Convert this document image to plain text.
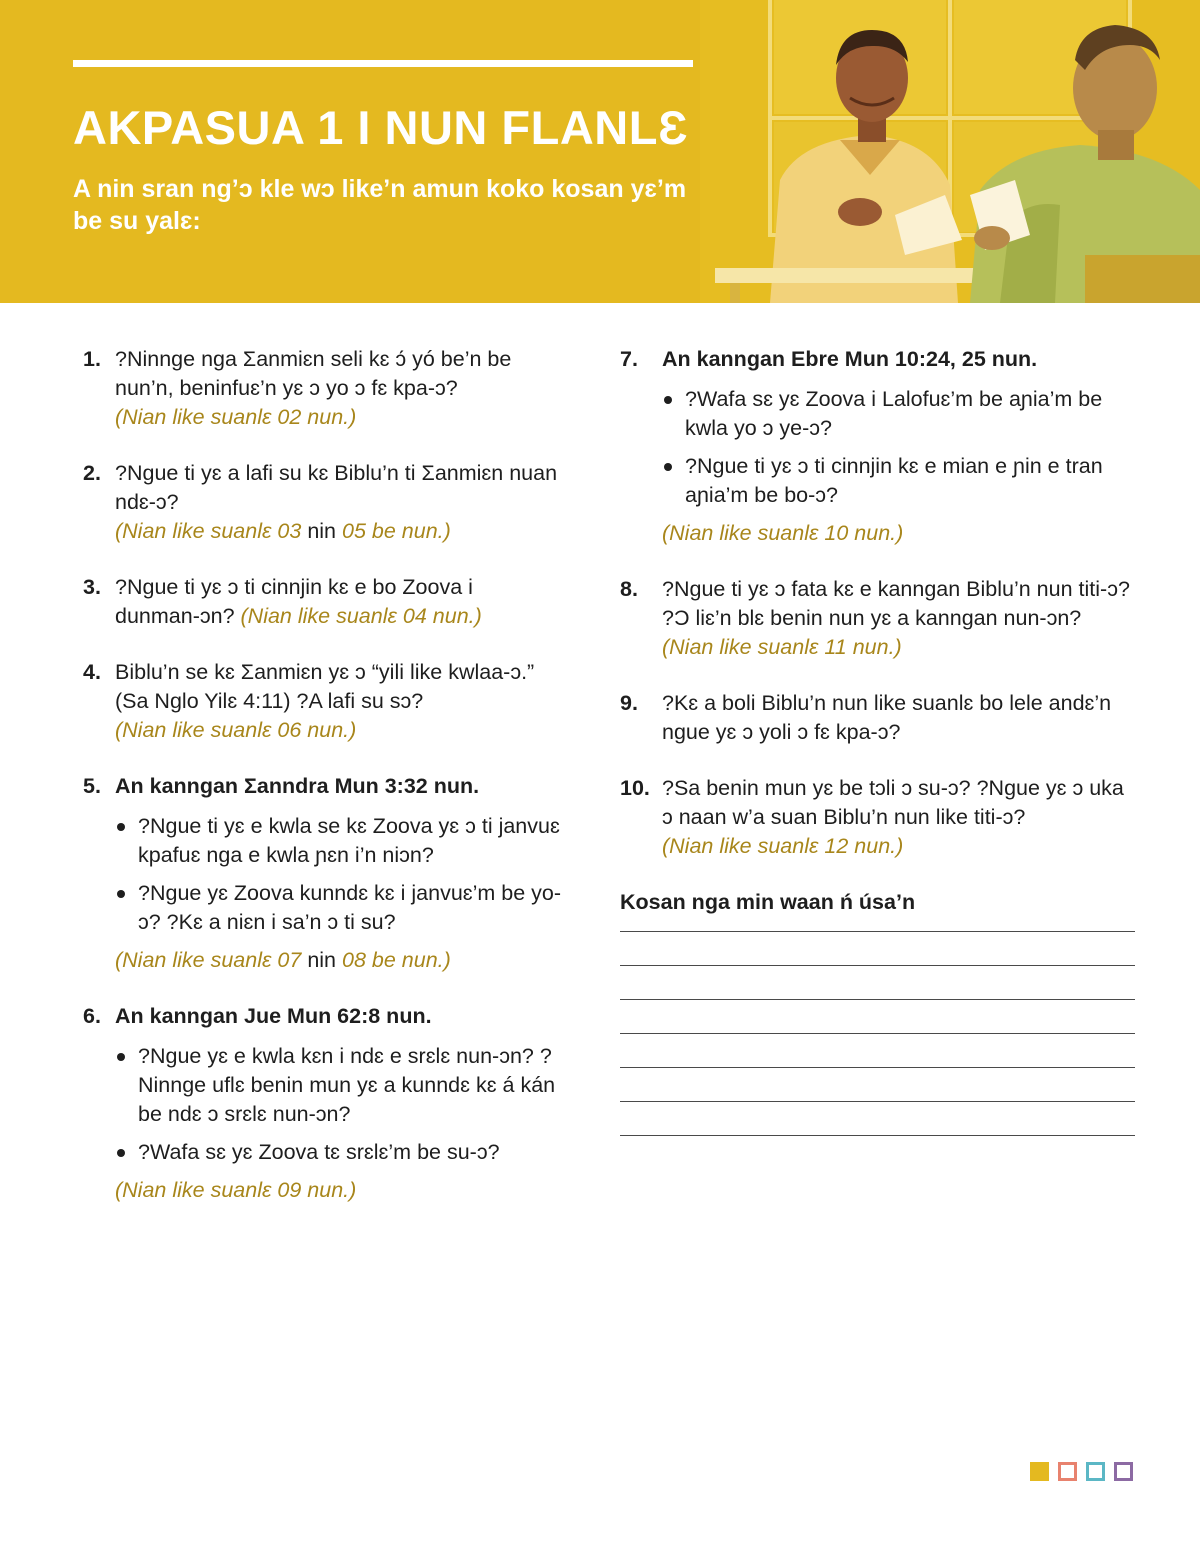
AKPASUA 1 I NUN FLANLƐ

A nin sran ng’ɔ kle wɔ like’n amun koko kosan yɛ’m be su yalɛ:

1. ?Ninnge nga Ʃanmiɛn seli kɛ ɔ́ yó be’n be nun’n, beninfuɛ’n yɛ ɔ yo ɔ fɛ kpa-ɔ?
(Nian like suanlɛ 02 nun.)
2. ?Ngue ti yɛ a lafi su kɛ Biblu’n ti Ʃanmiɛn nuan ndɛ-ɔ?
(Nian like suanlɛ 03 nin 05 be nun.)
3. ?Ngue ti yɛ ɔ ti cinnjin kɛ e bo Zoova i dunman-ɔn? (Nian like suanlɛ 04 nun.)
4. Biblu’n se kɛ Ʃanmiɛn yɛ ɔ “yili like kwlaa-ɔ.” (Sa Nglo Yilɛ 4:11) ?A lafi su sɔ?
(Nian like suanlɛ 06 nun.)
5. An kanngan Ʃanndra Mun 3:32 nun.
?Ngue ti yɛ e kwla se kɛ Zoova yɛ ɔ ti janvuɛ kpafuɛ nga e kwla ɲɛn i’n niɔn?
?Ngue yɛ Zoova kunndɛ kɛ i janvuɛ’m be yo-ɔ? ?Kɛ a niɛn i sa’n ɔ ti su?
(Nian like suanlɛ 07 nin 08 be nun.)
6. An kanngan Jue Mun 62:8 nun.
?Ngue yɛ e kwla kɛn i ndɛ e srɛlɛ nun-ɔn? ?Ninnge uflɛ benin mun yɛ a kunndɛ kɛ á kán be ndɛ ɔ srɛlɛ nun-ɔn?
?Wafa sɛ yɛ Zoova tɛ srɛlɛ’m be su-ɔ?
(Nian like suanlɛ 09 nun.)
7. An kanngan Ebre Mun 10:24, 25 nun.
?Wafa sɛ yɛ Zoova i Lalofuɛ’m be aɲia’m be kwla yo ɔ ye-ɔ?
?Ngue ti yɛ ɔ ti cinnjin kɛ e mian e ɲin e tran aɲia’m be bo-ɔ?
(Nian like suanlɛ 10 nun.)
8. ?Ngue ti yɛ ɔ fata kɛ e kanngan Biblu’n nun titi-ɔ? ?Ɔ liɛ’n blɛ benin nun yɛ a kanngan nun-ɔn? (Nian like suanlɛ 11 nun.)
9. ?Kɛ a boli Biblu’n nun like suanlɛ bo lele andɛ’n ngue yɛ ɔ yoli ɔ fɛ kpa-ɔ?
10. ?Sa benin mun yɛ be tɔli ɔ su-ɔ? ?Ngue yɛ ɔ uka ɔ naan w’a suan Biblu’n nun like titi-ɔ?
(Nian like suanlɛ 12 nun.)
Kosan nga min waan ń úsa’n
